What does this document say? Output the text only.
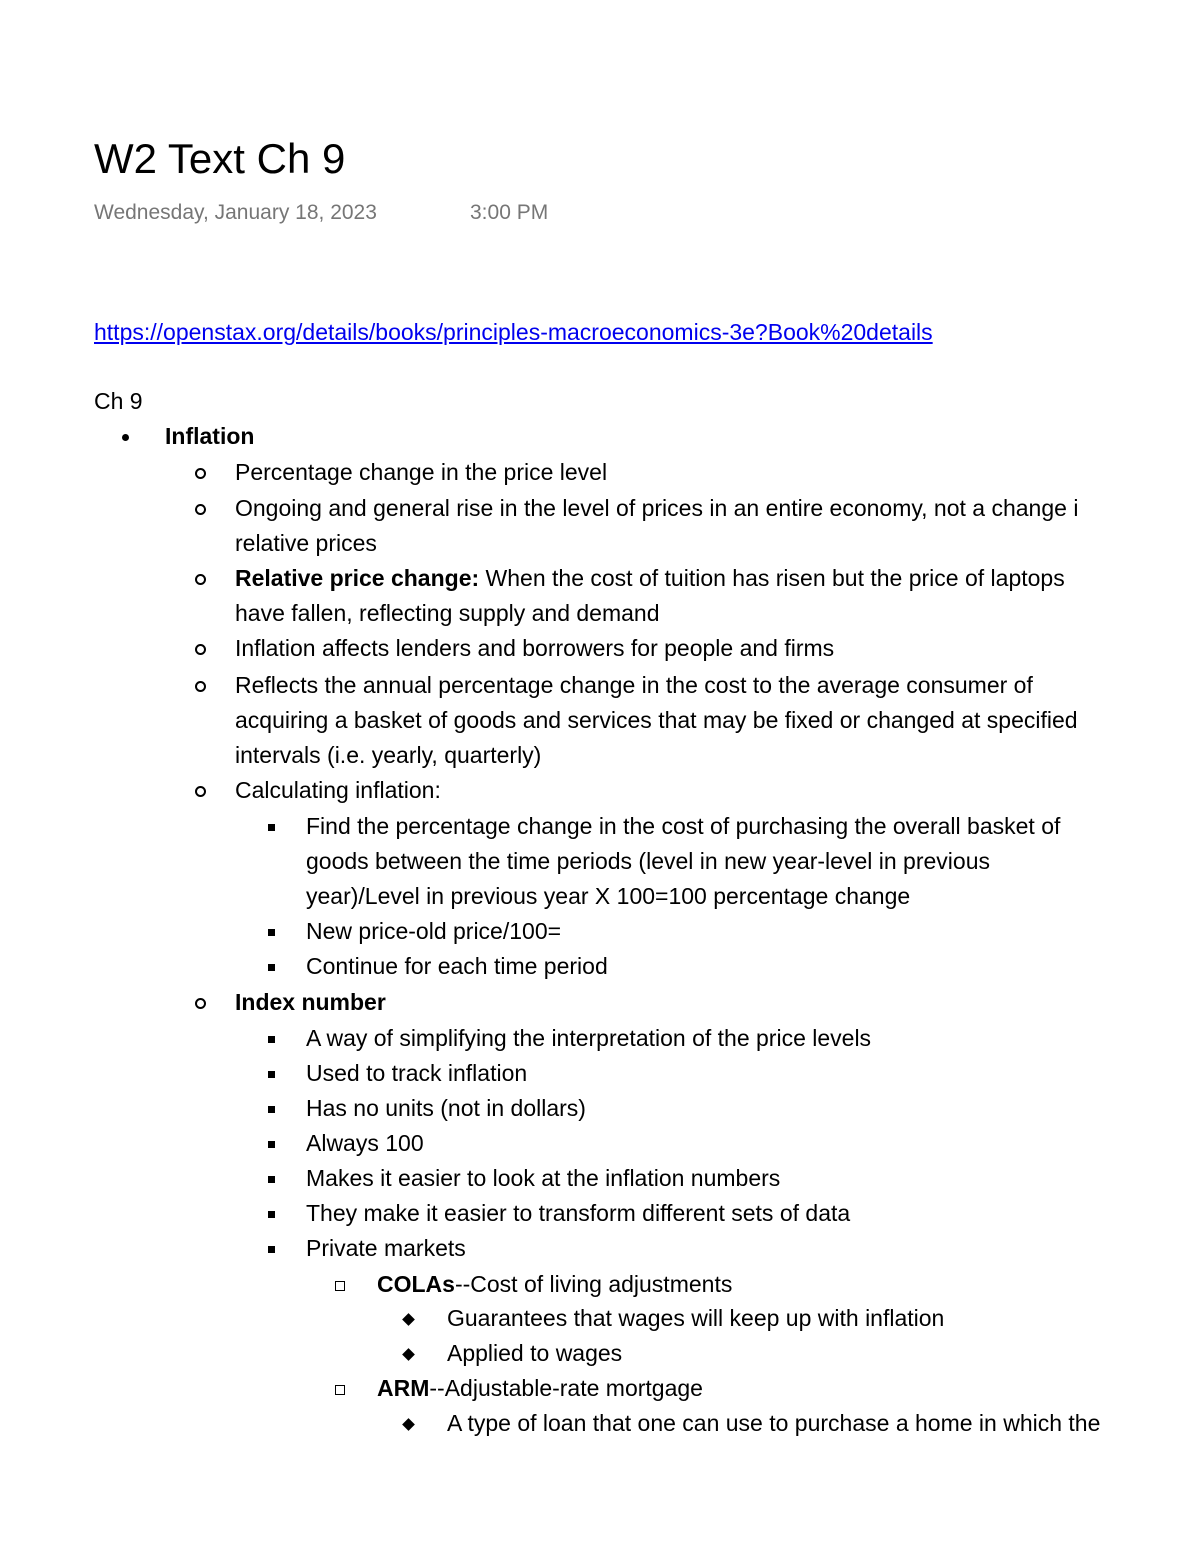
W2 Text Ch 9
Wednesday, January 18, 2023	3:00 PM
https://openstax.org/details/books/principles-macroeconomics-3e?Book%20details
Ch 9
Inflation
Percentage change in the price level
Ongoing and general rise in the level of prices in an entire economy, not a change i
relative prices
Relative price change: When the cost of tuition has risen but the price of laptops
have fallen, reflecting supply and demand
Inflation affects lenders and borrowers for people and firms
Reflects the annual percentage change in the cost to the average consumer of
acquiring a basket of goods and services that may be fixed or changed at specified
intervals (i.e. yearly, quarterly)
Calculating inflation:
Find the percentage change in the cost of purchasing the overall basket of
goods between the time periods (level in new year-level in previous
year)/Level in previous year X 100=100 percentage change
New price-old price/100=
Continue for each time period
Index number
A way of simplifying the interpretation of the price levels
Used to track inflation
Has no units (not in dollars)
Always 100
Makes it easier to look at the inflation numbers
They make it easier to transform different sets of data
Private markets
COLAs--Cost of living adjustments
Guarantees that wages will keep up with inflation
Applied to wages
ARM--Adjustable-rate mortgage
A type of loan that one can use to purchase a home in which the
